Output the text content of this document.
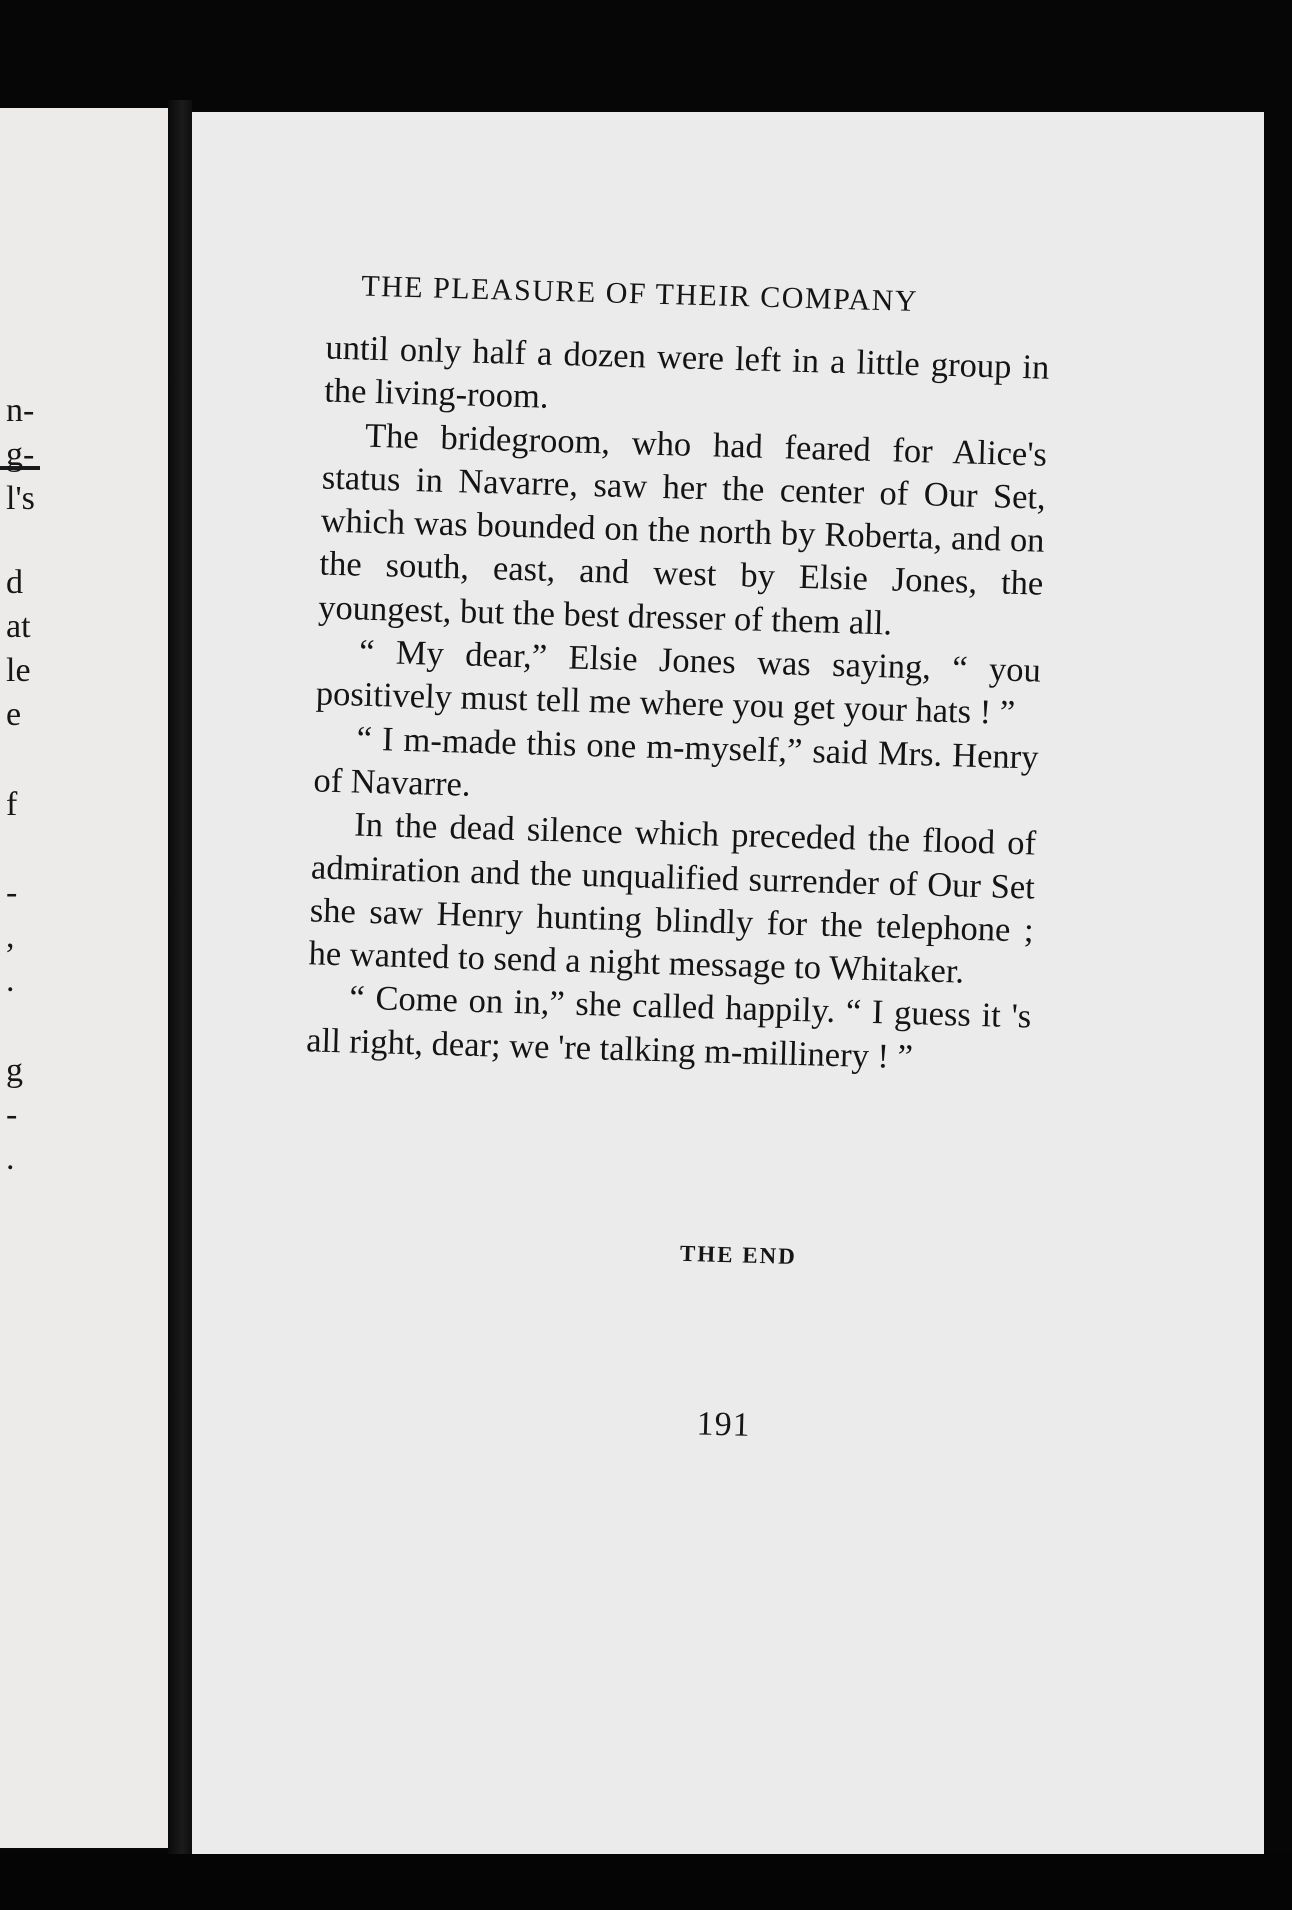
n-
g-
l's
d
at
le
e
f
-
,
.
g
-
.
THE PLEASURE OF THEIR COMPANY

until only half a dozen were left in a little group in the living-room.

The bridegroom, who had feared for Alice's status in Navarre, saw her the center of Our Set, which was bounded on the north by Roberta, and on the south, east, and west by Elsie Jones, the youngest, but the best dresser of them all.

“ My dear,” Elsie Jones was saying, “ you positively must tell me where you get your hats ! ”

“ I m-made this one m-myself,” said Mrs. Henry of Navarre.

In the dead silence which preceded the flood of admiration and the unqualified surrender of Our Set she saw Henry hunting blindly for the telephone ; he wanted to send a night message to Whitaker.

“ Come on in,” she called happily. “ I guess it 's all right, dear; we 're talking m-millinery ! ”

THE END
191
